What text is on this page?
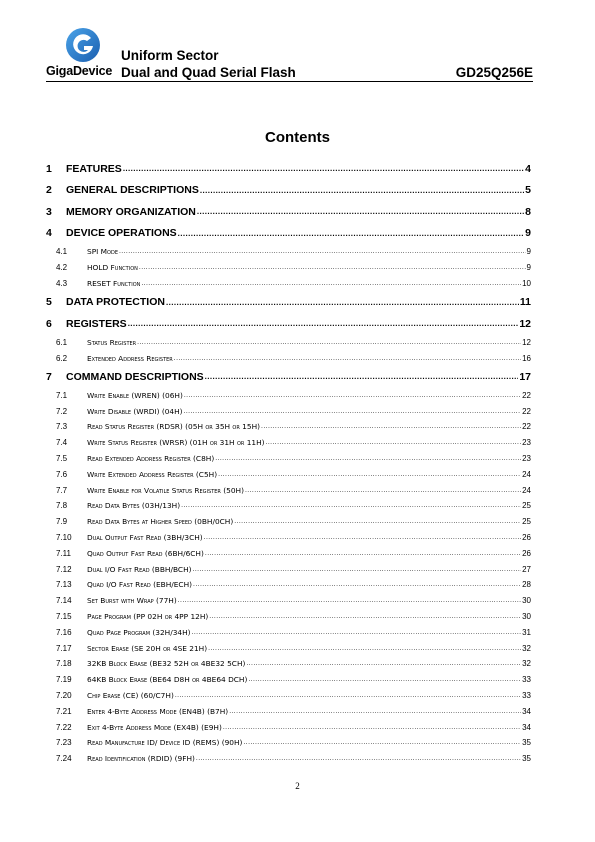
GigaDevice
Uniform Sector
Dual and Quad Serial Flash	GD25Q256E
Contents
1	FEATURES .....	4
2	GENERAL DESCRIPTIONS .....	5
3	MEMORY ORGANIZATION .....	8
4	DEVICE OPERATIONS .....	9
4.1	SPI Mode .....	9
4.2	HOLD Function .....	9
4.3	RESET Function .....	10
5	DATA PROTECTION .....	11
6	REGISTERS .....	12
6.1	Status Register .....	12
6.2	Extended Address Register .....	16
7	COMMAND DESCRIPTIONS .....	17
7.1	Write Enable (WREN) (06H) .....	22
7.2	Write Disable (WRDI) (04H) .....	22
7.3	Read Status Register (RDSR) (05H or 35H or 15H) .....	22
7.4	Write Status Register (WRSR) (01H or 31H or 11H) .....	23
7.5	Read Extended Address Register (C8H) .....	23
7.6	Write Extended Address Register (C5H) .....	24
7.7	Write Enable for Volatile Status Register (50H) .....	24
7.8	Read Data Bytes (03H/13H) .....	25
7.9	Read Data Bytes at Higher Speed (0BH/0CH) .....	25
7.10	Dual Output Fast Read (3BH/3CH) .....	26
7.11	Quad Output Fast Read (6BH/6CH) .....	26
7.12	Dual I/O Fast Read (BBH/BCH) .....	27
7.13	Quad I/O Fast Read (EBH/ECH) .....	28
7.14	Set Burst with Wrap (77H) .....	30
7.15	Page Program (PP 02H or 4PP 12H) .....	30
7.16	Quad Page Program (32H/34H) .....	31
7.17	Sector Erase (SE 20H or 4SE 21H) .....	32
7.18	32KB Block Erase (BE32 52H or 4BE32 5CH) .....	32
7.19	64KB Block Erase (BE64 D8H or 4BE64 DCH) .....	33
7.20	Chip Erase (CE) (60/C7H) .....	33
7.21	Enter 4-Byte Address Mode (EN4B) (B7H) .....	34
7.22	Exit 4-Byte Address Mode (EX4B) (E9H) .....	34
7.23	Read Manufacture ID/ Device ID (REMS) (90H) .....	35
7.24	Read Identification (RDID) (9FH) .....	35
2
